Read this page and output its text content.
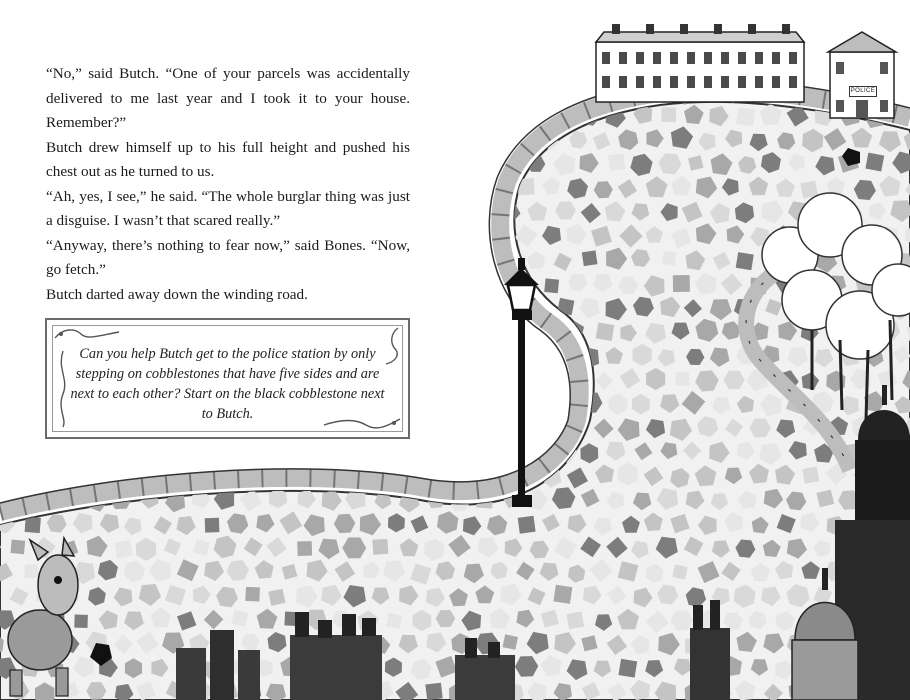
“No,” said Butch. “One of your parcels was accidentally delivered to me last year and I took it to your house. Remember?”

Butch drew himself up to his full height and pushed his chest out as he turned to us.

“Ah, yes, I see,” he said. “The whole burglar thing was just a disguise. I wasn’t that scared really.”

“Anyway, there’s nothing to fear now,” said Bones. “Now, go fetch.”

Butch darted away down the winding road.

Can you help Butch get to the police station by only stepping on cobblestones that have five sides and are next to each other? Start on the black cobblestone next to Butch.
POLICE
